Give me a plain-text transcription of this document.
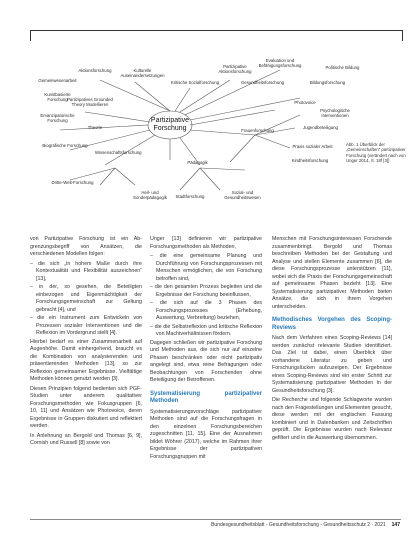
Partizipative Forschung
Aktionsforschung	Kulturelle Auseinandersetzungen
Kritische Sozialforschung
Partizipative Aktionsforschung
Evaluation und Befähigungsforschung
Gemeinwesenarbeit
Kunstbasierte Forschung Partizipatives Grounded Theory Modellieren
Emanzipatorische Forschung
Bildungsforschung
Gesundheitsforschung
Theorie
Photovoice
Politische Bildung
Psychologische Interventionen
Frauenforschung
Praxis sozialer Arbeit
Jugendbeteiligung
Biografische Forschung
Wissenschaftsforschung
Pädagogik
Sozial- und Gesundheitswesen
Kindheitsforschung
Dritte-Welt-Forschung
Heil- und Sonderpädagogik	Stadtforschung
Abb. 1 Überblick der „Gemeinschaften“ partizipativer Forschung (verändert nach von Unger 2014, S. 18f [3])

von Partizipative Forschung ist ein Ab- grenzungsbegriff von Ansätzen, die verschiedenen Modellen folgen:

– die sich „in hohem Maße durch ihre Kontextualität und Flexibilität auszeichnen“ [13],
– in der, so gesehen, die Beteiligten einbezogen und Eigenmächtigkeit der Forschungsgemeinschaft zur Geltung gebracht [4], und
– die ein Instrument zum Entwickeln von Prozessen sozialer Interventionen und die Reflexion im Vordergrund stellt [4].

Hierbei bedarf es einer Zusammenarbeit auf Augenhöhe. Damit einhergehend, braucht es die Kombination von analysierenden und präsentierenden Methoden [13], so zur Reflexion gemeinsamer Ergebnisse. Vielfältige Methoden können genutzt werden [3].

Diesen Prinzipien folgend bedienten sich PGF-Studien unter anderem qualitativer Forschungsmethoden wie Fokusgruppen [6, 10, 11] und Ansätzen wie Photovoice, deren Ergebnisse in Gruppen diskutiert und reflektiert werden.

In Anlehnung an Bergold und Thomas [6, 9], Cornish und Russell [8] sowie von

Unger [13] definieren wir partizipative Forschungsmethoden als Methoden,

– die eine gemeinsame Planung und Durchführung von Forschungsprozessen mit Menschen ermöglichen, die von Forschung betroffen sind,
– die den gesamten Prozess begleiten und die Ergebnisse der Forschung beeinflussen,
– die sich auf die 3 Phasen des Forschungsprozesses (Erhebung, Auswertung, Verbreitung) beziehen,
– die die Selbstreflexion und kritische Reflexion von Machtverhältnissen fördern.

Dagegen schließen wir partizipative Forschung und Methoden aus, die sich nur auf einzelne Phasen beschränken oder nicht partizipativ angelegt sind, etwa reine Befragungen oder Beobachtungen von Forschenden ohne Beteiligung der Betroffenen.

Systematisierung partizipativer Methoden

Systematisierungsvorschläge partizipativer Methoden sind auf die Forschungsfragen in den einzelnen Forschungsbereichen zugeschnitten [11, 15]. Eine der Ausnahmen bildet Wöhrer (2017), welche im Rahmen ihrer Ergebnisse der partizipativen Forschungsgruppen mit

Menschen mit Forschungsinteressen Forschende zusammenbringt. Bergold und Thomas beschreiben Methoden bei der Gestaltung und Analyse und stellen Elemente zusammen [6], die diese Forschungsprozesse unterstützen [11], wobei sich die Praxis der Forschungsgemeinschaft auf gemeinsame Phasen bezieht [13]. Eine Systematisierung partizipativer Methoden bieten Ansätze, die sich in ihrem Vorgehen unterscheiden.

Methodisches Vorgehen des Scoping-Reviews

Nach dem Verfahren eines Scoping-Reviews [14] werden zunächst relevante Studien identifiziert. Das Ziel ist dabei, einen Überblick über vorhandene Literatur zu geben und Forschungslücken aufzuzeigen. Der Ergebnisse eines Scoping-Reviews sind ein erster Schritt zur Systematisierung partizipativer Methoden in der Gesundheitsforschung [3].

Die Recherche und folgende Schlagworte wurden nach den Fragestellungen und Elementen gesucht, diese werden mit der englischen Fassung kombiniert und in Datenbanken und Zeitschriften geprüft. Die Ergebnisse wurden nach Relevanz gefiltert und in die Auswertung übernommen.

Bundesgesundheitsblatt - Gesundheitsforschung - Gesundheitsschutz 2 · 2021 147
